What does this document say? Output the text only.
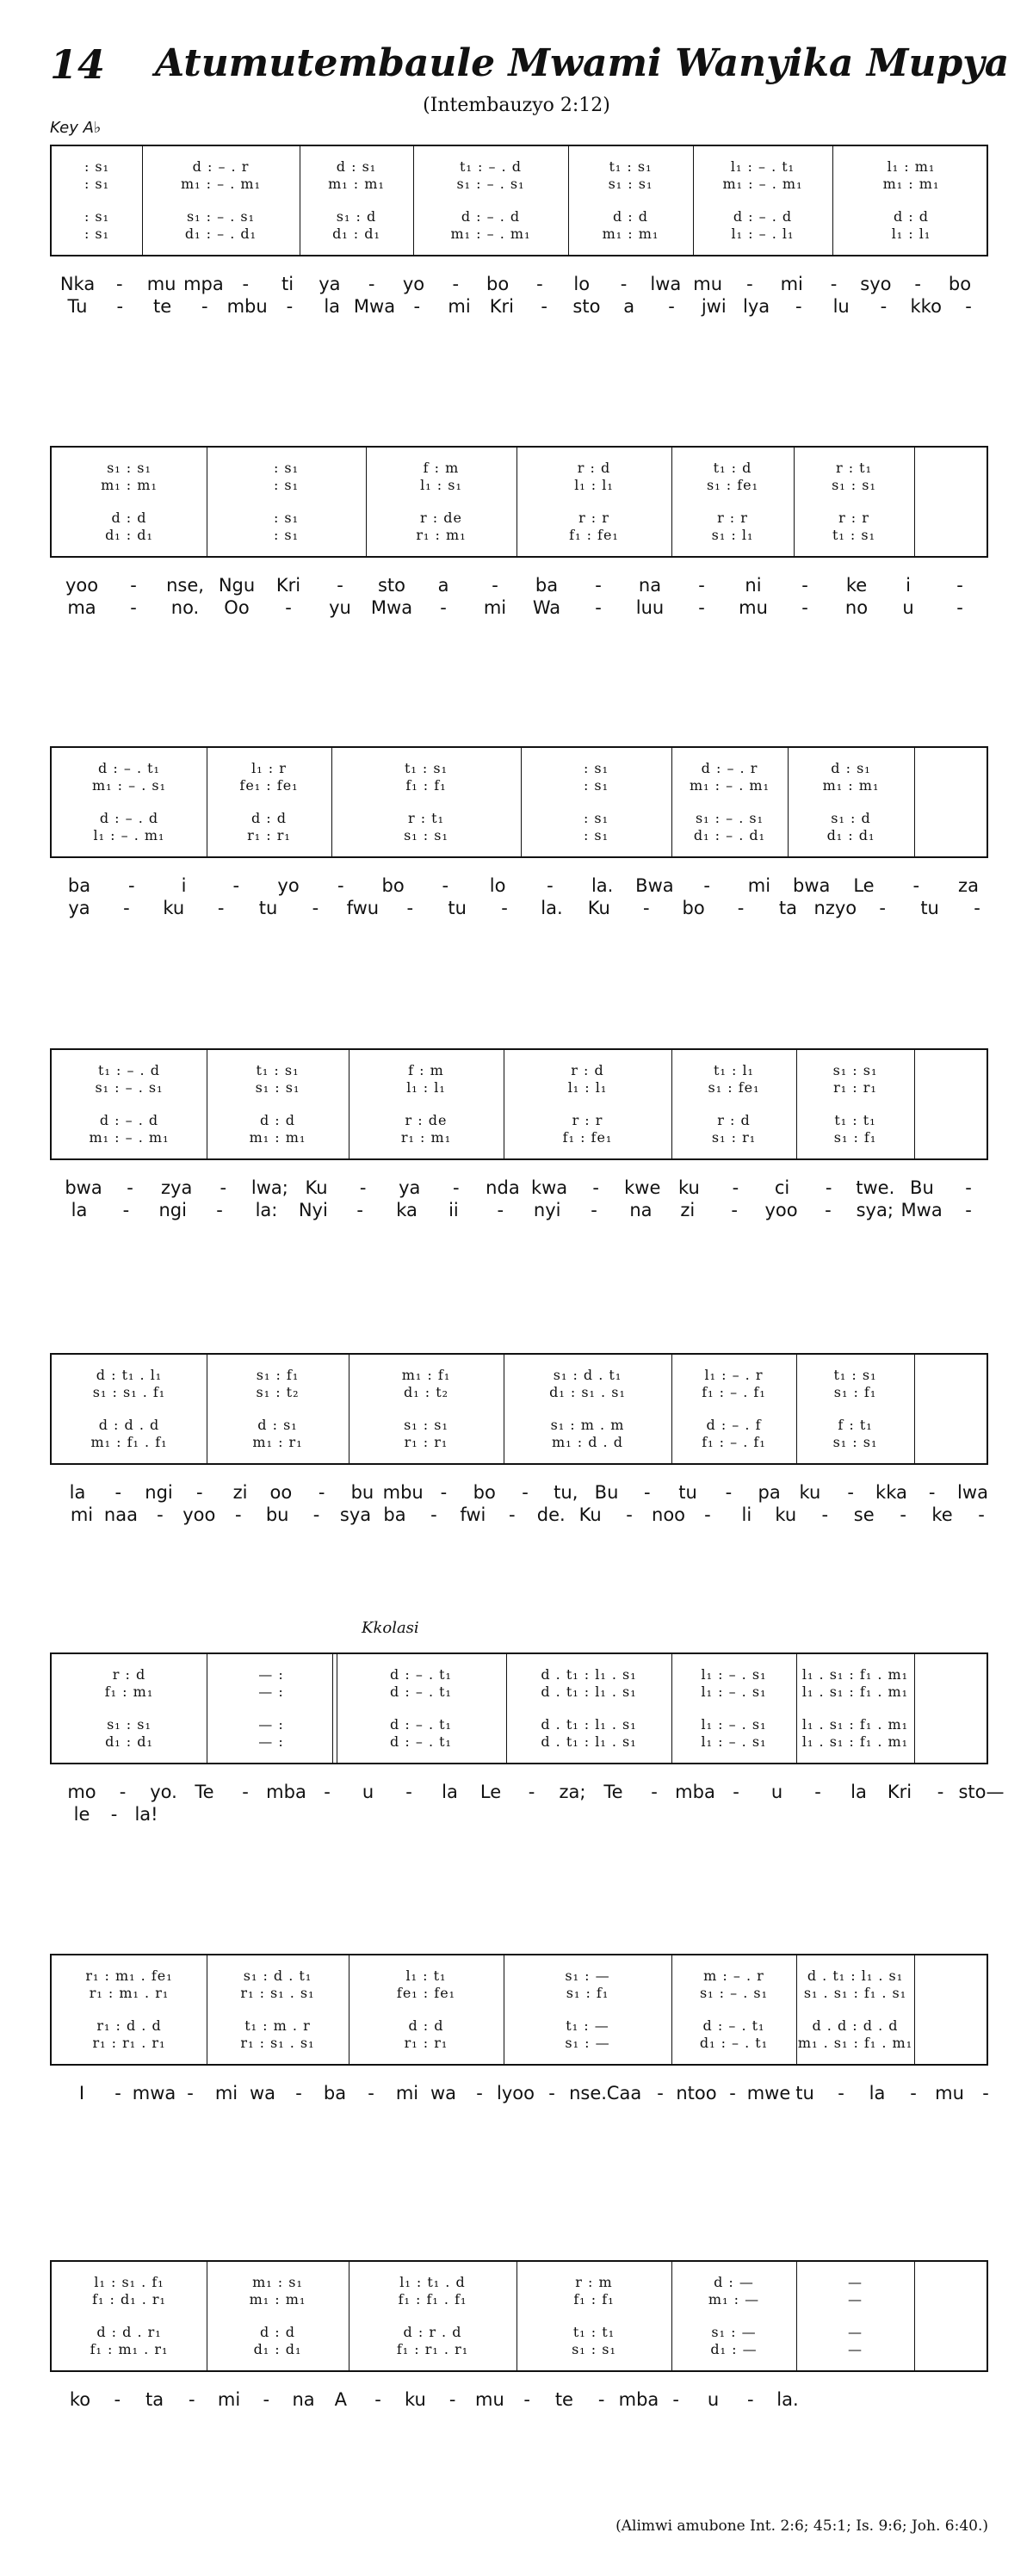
14 Atumutembaule Mwami Wanyika Mupya
(Intembauzyo 2:12)
Key A♭
Kkolasi
: s₁	d : – . r	d : s₁	t₁ : – . d	t₁ : s₁	l₁ : – . t₁	l₁ : m₁
: s₁	m₁ : – . m₁	m₁ : m₁	s₁ : – . s₁	s₁ : s₁	m₁ : – . m₁	m₁ : m₁
: s₁	s₁ : – . s₁	s₁ : d	d : – . d	d : d	d : – . d	d : d
: s₁	d₁ : – . d₁	d₁ : d₁	m₁ : – . m₁	m₁ : m₁	l₁ : – . l₁	l₁ : l₁
Nka - mu mpa - ti ya - yo - bo - lo - lwa mu - mi - syo - bo
Tu - te - mbu - la Mwa - mi Kri - sto a - jwi lya - lu - kko -
s₁ : s₁	: s₁	f : m	r : d	t₁ : d	r : t₁
m₁ : m₁	: s₁	l₁ : s₁	l₁ : l₁	s₁ : fe₁	s₁ : s₁
d : d	: s₁	r : de	r : r	r : r	r : r
d₁ : d₁	: s₁	r₁ : m₁	f₁ : fe₁	s₁ : l₁	t₁ : s₁
yoo - nse, Ngu Kri - sto a - ba - na - ni - ke i	-
ma - no. Oo - yu Mwa - mi Wa - luu - mu - no u -
d : – . t₁	l₁ : r	t₁ : s₁	: s₁	d : – . r	d : s₁
m₁ : – . s₁	fe₁ : fe₁	f₁ : f₁	: s₁	m₁ : – . m₁	m₁ : m₁
d : – . d	d : d	r : t₁	: s₁	s₁ : – . s₁	s₁ : d
l₁ : – . m₁	r₁ : r₁	s₁ : s₁	: s₁	d₁ : – . d₁	d₁ : d₁
ba -	i	- yo - bo - lo - la. Bwa - mi bwa Le - za
ya - ku - tu - fwu - tu - la. Ku - bo - ta nzyo - tu -
t₁ : – . d	t₁ : s₁	f : m	r : d	t₁ : l₁	s₁ : s₁
s₁ : – . s₁	s₁ : s₁	l₁ : l₁	l₁ : l₁	s₁ : fe₁	r₁ : r₁
d : – . d	d : d	r : de	r : r	r : d	t₁ : t₁
m₁ : – . m₁	m₁ : m₁	r₁ : m₁	f₁ : fe₁	s₁ : r₁	s₁ : f₁
bwa - zya - lwa; Ku - ya - nda kwa - kwe ku - ci - twe. Bu -
la - ngi - la: Nyi - ka ii - nyi - na zi - yoo - sya; Mwa -
d : t₁ . l₁	s₁ : f₁	m₁ : f₁	s₁ : d . t₁	l₁ : – . r	t₁ : s₁
s₁ : s₁ . f₁	s₁ : t₂	d₁ : t₂	d₁ : s₁ . s₁	f₁ : – . f₁	s₁ : f₁
d : d . d	d : s₁	s₁ : s₁	s₁ : m . m	d : – . f	f : t₁
m₁ : f₁ . f₁	m₁ : r₁	r₁ : r₁	m₁ : d . d	f₁ : – . f₁	s₁ : s₁
la - ngi - zi oo - bu mbu - bo - tu, Bu - tu - pa ku - kka - lwa
mi naa - yoo - bu - sya ba - fwi - de. Ku - noo - li ku - se - ke -
r : d	— :	d : – . t₁	d . t₁ : l₁ . s₁	l₁ : – . s₁	l₁ . s₁ : f₁ . m₁
f₁ : m₁	— :	d : – . t₁	d . t₁ : l₁ . s₁	l₁ : – . s₁	l₁ . s₁ : f₁ . m₁
s₁ : s₁	— :	d : – . t₁	d . t₁ : l₁ . s₁	l₁ : – . s₁	l₁ . s₁ : f₁ . m₁
d₁ : d₁	— :	d : – . t₁	d . t₁ : l₁ . s₁	l₁ : – . s₁	l₁ . s₁ : f₁ . m₁
mo - yo. Te - mba - u - la Le - za; Te - mba - u - la Kri - sto—
le - la!
r₁ : m₁ . fe₁	s₁ : d . t₁	l₁ : t₁	s₁ : —	m : – . r	d . t₁ : l₁ . s₁
r₁ : m₁ . r₁	r₁ : s₁ . s₁	fe₁ : fe₁	s₁ : f₁	s₁ : – . s₁	s₁ . s₁ : f₁ . s₁
r₁ : d . d	t₁ : m . r	d : d	t₁ : —	d : – . t₁	d . d : d . d
r₁ : r₁ . r₁	r₁ : s₁ . s₁	r₁ : r₁	s₁ : —	d₁ : – . t₁	m₁ . s₁ : f₁ . m₁
I - mwa - mi wa - ba - mi wa - lyoo - nse. Caa - ntoo - mwe tu - la - mu -
l₁ : s₁ . f₁	m₁ : s₁	l₁ : t₁ . d	r : m	d : —	—
f₁ : d₁ . r₁	m₁ : m₁	f₁ : f₁ . f₁	f₁ : f₁	m₁ : —	—
d : d . r₁	d : d	d : r . d	t₁ : t₁	s₁ : —	—
f₁ : m₁ . r₁	d₁ : d₁	f₁ : r₁ . r₁	s₁ : s₁	d₁ : —	—
ko - ta - mi - na A - ku - mu - te - mba - u - la.
(Alimwi amubone Int. 2:6; 45:1; Is. 9:6; Joh. 6:40.)
